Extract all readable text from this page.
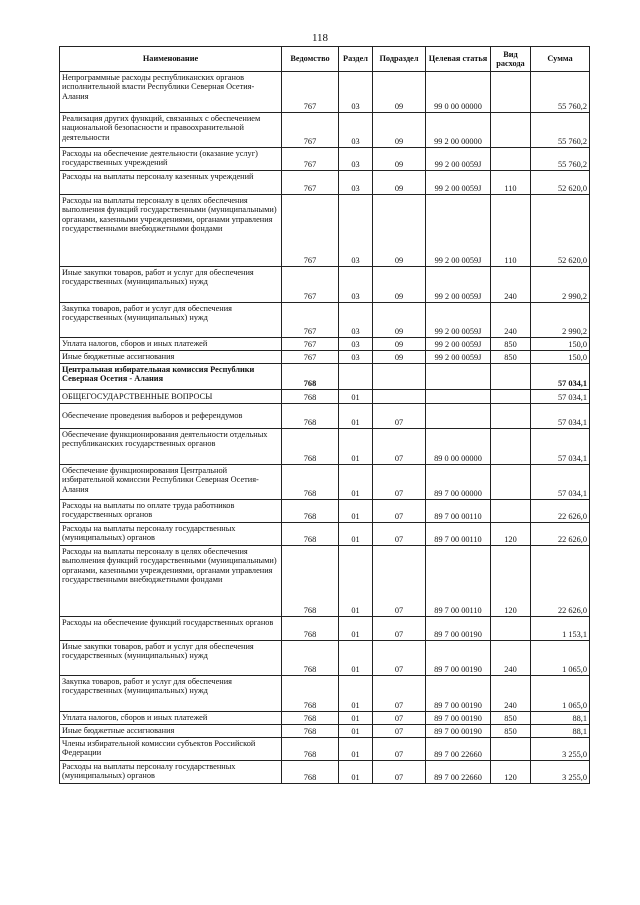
118
Наименование	Ведомство	Раздел	Подраздел	Целевая статья	Вид расхода	Сумма
Непрограммные расходы республиканских органов исполнительной власти Республики Северная Осетия-Алания	767	03	09	99 0 00 00000		55 760,2
Реализация других функций, связанных с обеспечением национальной безопасности и правоохранительной деятельности	767	03	09	99 2 00 00000		55 760,2
Расходы на обеспечение деятельности (оказание услуг) государственных учреждений	767	03	09	99 2 00 0059J		55 760,2
Расходы на выплаты персоналу казенных учреждений	767	03	09	99 2 00 0059J	110	52 620,0
Расходы на выплаты персоналу в целях обеспечения выполнения функций государственными (муниципальными) органами, казенными учреждениями, органами управления государственными внебюджетными фондами	767	03	09	99 2 00 0059J	110	52 620,0
Иные закупки товаров, работ и услуг для обеспечения государственных (муниципальных) нужд	767	03	09	99 2 00 0059J	240	2 990,2
Закупка товаров, работ и услуг для обеспечения государственных (муниципальных) нужд	767	03	09	99 2 00 0059J	240	2 990,2
Уплата налогов, сборов и иных платежей	767	03	09	99 2 00 0059J	850	150,0
Иные бюджетные ассигнования	767	03	09	99 2 00 0059J	850	150,0
Центральная избирательная комиссия Республики Северная Осетия - Алания	768					57 034,1
ОБЩЕГОСУДАРСТВЕННЫЕ ВОПРОСЫ	768	01				57 034,1
Обеспечение проведения выборов и референдумов	768	01	07			57 034,1
Обеспечение функционирования деятельности отдельных республиканских государственных органов	768	01	07	89 0 00 00000		57 034,1
Обеспечение функционирования Центральной избирательной комиссии Республики Северная Осетия-Алания	768	01	07	89 7 00 00000		57 034,1
Расходы на выплаты по оплате труда работников государственных органов	768	01	07	89 7 00 00110		22 626,0
Расходы на выплаты персоналу государственных (муниципальных) органов	768	01	07	89 7 00 00110	120	22 626,0
Расходы на выплаты персоналу в целях обеспечения выполнения функций государственными (муниципальными) органами, казенными учреждениями, органами управления государственными внебюджетными фондами	768	01	07	89 7 00 00110	120	22 626,0
Расходы на обеспечение функций государственных органов	768	01	07	89 7 00 00190		1 153,1
Иные закупки товаров, работ и услуг для обеспечения государственных (муниципальных) нужд	768	01	07	89 7 00 00190	240	1 065,0
Закупка товаров, работ и услуг для обеспечения государственных (муниципальных) нужд	768	01	07	89 7 00 00190	240	1 065,0
Уплата налогов, сборов и иных платежей	768	01	07	89 7 00 00190	850	88,1
Иные бюджетные ассигнования	768	01	07	89 7 00 00190	850	88,1
Члены избирательной комиссии субъектов Российской Федерации	768	01	07	89 7 00 22660		3 255,0
Расходы на выплаты персоналу государственных (муниципальных) органов	768	01	07	89 7 00 22660	120	3 255,0
